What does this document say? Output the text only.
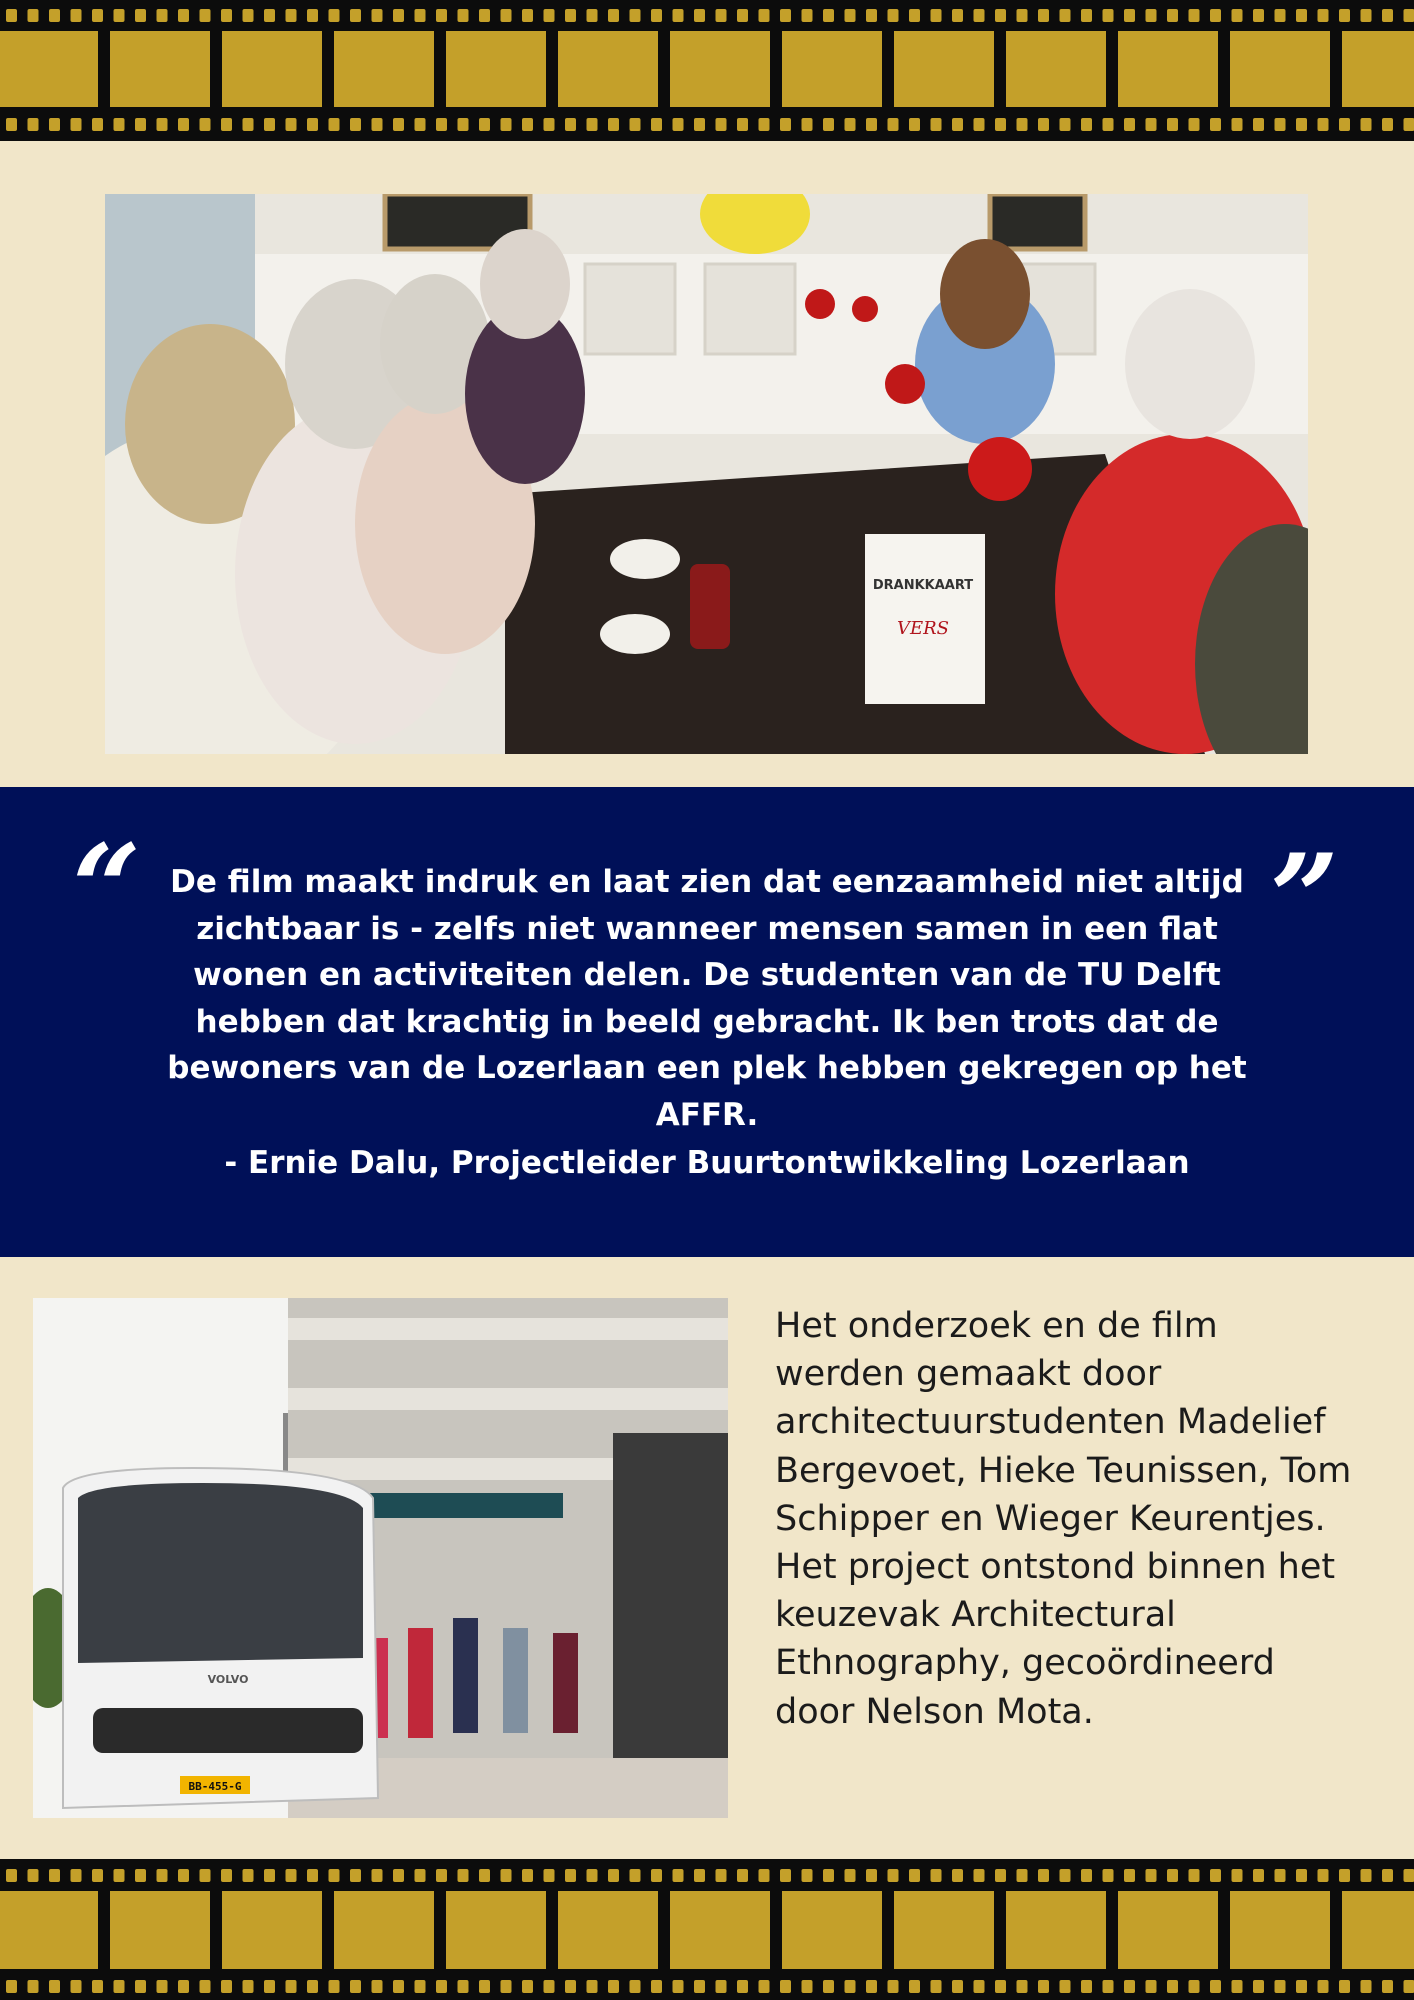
DRANKKAART
VERS
“ De film maakt indruk en laat zien dat eenzaamheid niet altijd zichtbaar is - zelfs niet wanneer mensen samen in een flat wonen en activiteiten delen. De studenten van de TU Delft hebben dat krachtig in beeld gebracht. Ik ben trots dat de bewoners van de Lozerlaan een plek hebben gekregen op het AFFR.

- Ernie Dalu, Projectleider Buurtontwikkeling Lozerlaan

”
VOLVO
BB-455-G

Het onderzoek en de film werden gemaakt door architectuurstudenten Madelief Bergevoet, Hieke Teunissen, Tom Schipper en Wieger Keurentjes. Het project ontstond binnen het keuzevak Architectural Ethnography, gecoördineerd door Nelson Mota.
